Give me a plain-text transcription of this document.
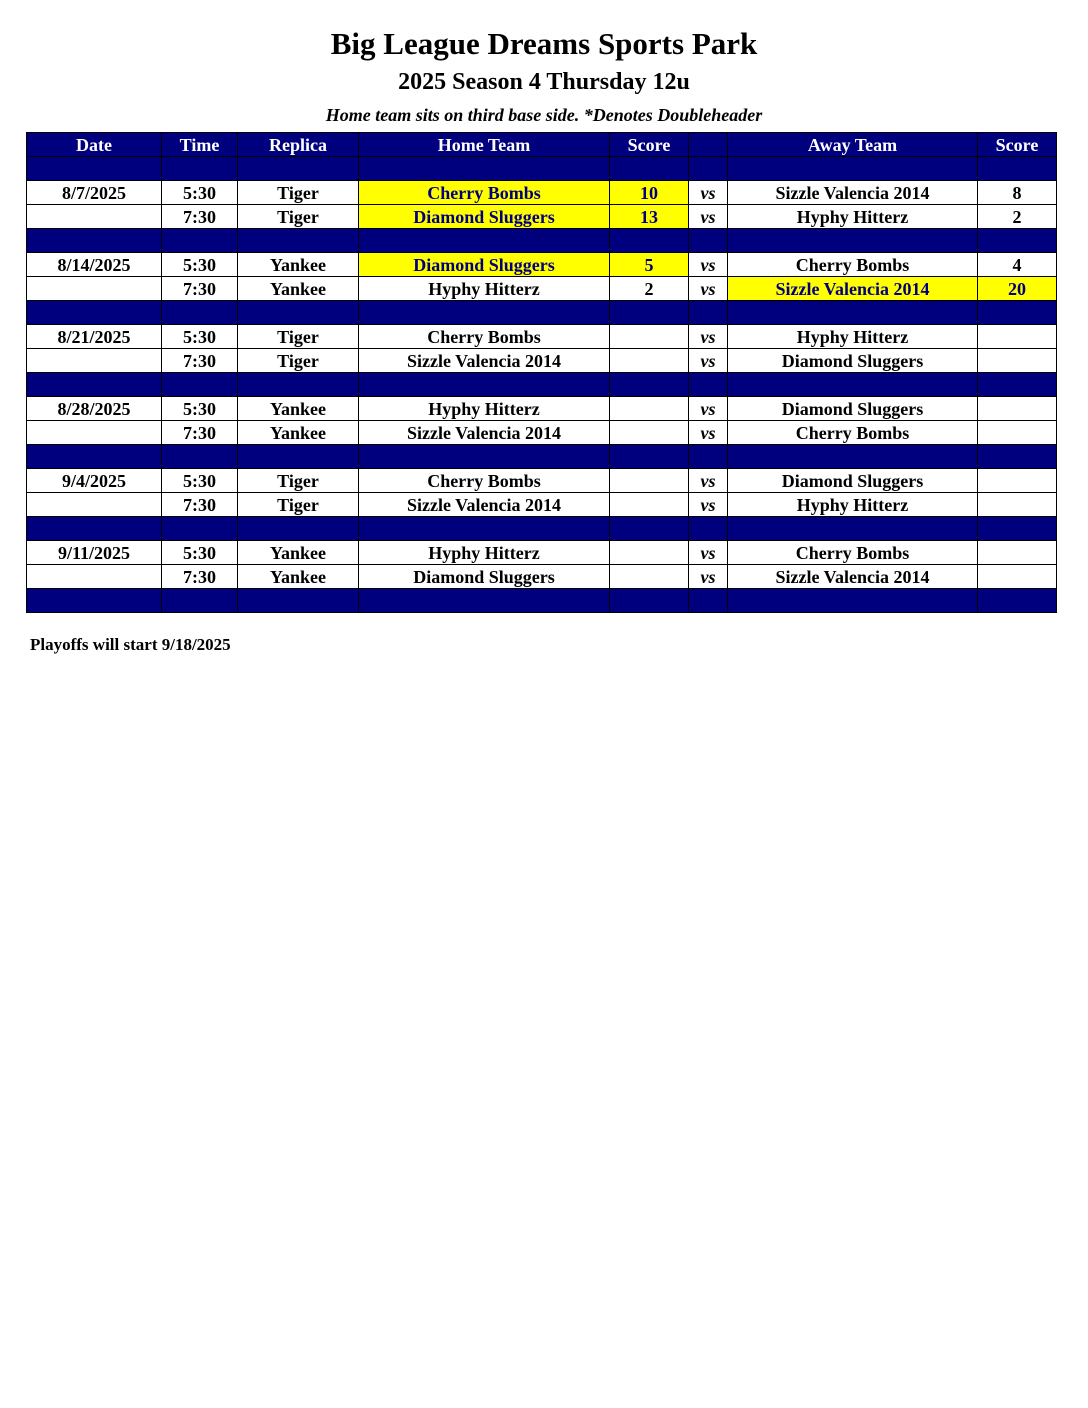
Big League Dreams Sports Park
2025 Season 4 Thursday 12u
Home team sits on third base side. *Denotes Doubleheader
Date	Time	Replica	Home Team	Score		Away Team	Score

8/7/2025	5:30	Tiger	Cherry Bombs	10	vs	Sizzle Valencia 2014	8
	7:30	Tiger	Diamond Sluggers	13	vs	Hyphy Hitterz	2

8/14/2025	5:30	Yankee	Diamond Sluggers	5	vs	Cherry Bombs	4
	7:30	Yankee	Hyphy Hitterz	2	vs	Sizzle Valencia 2014	20

8/21/2025	5:30	Tiger	Cherry Bombs		vs	Hyphy Hitterz	
	7:30	Tiger	Sizzle Valencia 2014		vs	Diamond Sluggers	

8/28/2025	5:30	Yankee	Hyphy Hitterz		vs	Diamond Sluggers	
	7:30	Yankee	Sizzle Valencia 2014		vs	Cherry Bombs	

9/4/2025	5:30	Tiger	Cherry Bombs		vs	Diamond Sluggers	
	7:30	Tiger	Sizzle Valencia 2014		vs	Hyphy Hitterz	

9/11/2025	5:30	Yankee	Hyphy Hitterz		vs	Cherry Bombs	
	7:30	Yankee	Diamond Sluggers		vs	Sizzle Valencia 2014	

Playoffs will start 9/18/2025
